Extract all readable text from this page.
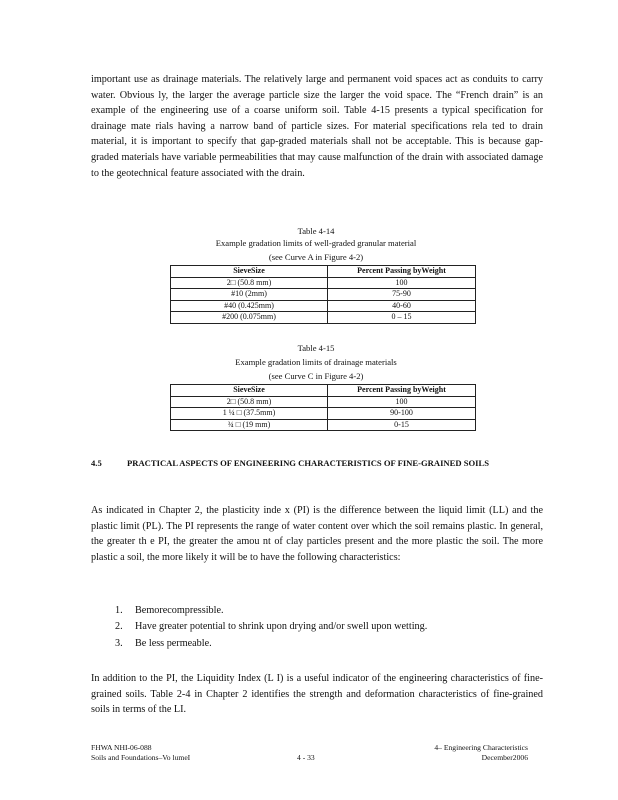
important use as drainage materials. The relatively large and permanent void spaces act as conduits to carry water. Obvious ly, the larger the average particle size the larger the void space. The “French drain” is an example of the engineering use of a coarse uniform soil. Table 4-15 presents a typical specification for drainage mate rials having a narrow band of particle sizes. For material specifications rela ted to drain material, it is important to specify that gap-graded materials shall not be acceptable. This is because gap-graded materials have variable permeabilities that may cause malfunction of the drain with associated damage to the geotechnical feature associated with the drain.

Table 4-14
Example gradation limits of well-graded granular material
(see Curve A in Figure 4-2)
SieveSize	Percent Passing byWeight
2□ (50.8 mm)	100
#10 (2mm)	75-90
#40 (0.425mm)	40-60
#200 (0.075mm)	0 – 15
Table 4-15
Example gradation limits of drainage materials
(see Curve C in Figure 4-2)
SieveSize	Percent Passing byWeight
2□ (50.8 mm)	100
1 ¼ □ (37.5mm)	90-100
¾ □ (19 mm)	0-15
4.5	PRACTICAL ASPECTS OF ENGINEERING CHARACTERISTICS OF FINE-GRAINED SOILS

As indicated in Chapter 2, the plasticity inde x (PI) is the difference between the liquid limit (LL) and the plastic limit (PL). The PI represents the range of water content over which the soil remains plastic. In general, the greater th e PI, the greater the amou nt of clay particles present and the more plastic the soil. The more plastic a soil, the more likely it will be to have the following characteristics:

1. Bemorecompressible.
2. Have greater potential to shrink upon drying and/or swell upon wetting.
3. Be less permeable.

In addition to the PI, the Liquidity Index (L I) is a useful indicator of the engineering characteristics of fine-grained soils. Table 2-4 in Chapter 2 identifies the strength and deformation characteristics of fine-grained soils in terms of the LI.

FHWA NHI-06-088
Soils and Foundations–Vo lumeI	4 - 33
4– Engineering Characteristics
December2006
